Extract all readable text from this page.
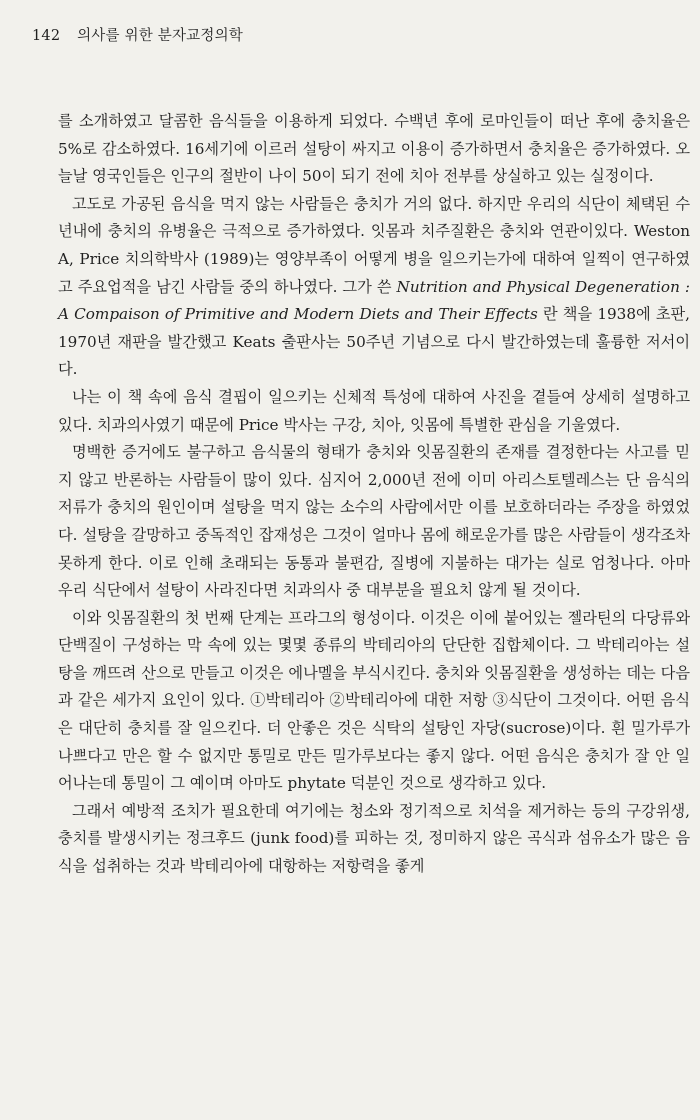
142 의사를 위한 분자교정의학

를 소개하였고 달콤한 음식들을 이용하게 되었다. 수백년 후에 로마인들이 떠난 후에 충치율은 5%로 감소하였다. 16세기에 이르러 설탕이 싸지고 이용이 증가하면서 충치율은 증가하였다. 오늘날 영국인들은 인구의 절반이 나이 50이 되기 전에 치아 전부를 상실하고 있는 실정이다.

고도로 가공된 음식을 먹지 않는 사람들은 충치가 거의 없다. 하지만 우리의 식단이 체택된 수년내에 충치의 유병율은 극적으로 증가하였다. 잇몸과 치주질환은 충치와 연관이있다. Weston A, Price 치의학박사 (1989)는 영양부족이 어떻게 병을 일으키는가에 대하여 일찍이 연구하였고 주요업적을 남긴 사람들 중의 하나였다. 그가 쓴 Nutrition and Physical Degeneration : A Compaison of Primitive and Modern Diets and Their Effects 란 책을 1938에 초판, 1970년 재판을 발간했고 Keats 출판사는 50주년 기념으로 다시 발간하였는데 훌륭한 저서이다.

나는 이 책 속에 음식 결핍이 일으키는 신체적 특성에 대하여 사진을 곁들여 상세히 설명하고 있다. 치과의사였기 때문에 Price 박사는 구강, 치아, 잇몸에 특별한 관심을 기울였다.

명백한 증거에도 불구하고 음식물의 형태가 충치와 잇몸질환의 존재를 결정한다는 사고를 믿지 않고 반론하는 사람들이 많이 있다. 심지어 2,000년 전에 이미 아리스토텔레스는 단 음식의 저류가 충치의 원인이며 설탕을 먹지 않는 소수의 사람에서만 이를 보호하더라는 주장을 하였었다. 설탕을 갈망하고 중독적인 잡재성은 그것이 얼마나 몸에 해로운가를 많은 사람들이 생각조차 못하게 한다. 이로 인해 초래되는 동통과 불편감, 질병에 지불하는 대가는 실로 엄청나다. 아마 우리 식단에서 설탕이 사라진다면 치과의사 중 대부분을 필요치 않게 될 것이다.

이와 잇몸질환의 첫 번째 단계는 프라그의 형성이다. 이것은 이에 붙어있는 젤라틴의 다당류와 단백질이 구성하는 막 속에 있는 몇몇 종류의 박테리아의 단단한 집합체이다. 그 박테리아는 설탕을 깨뜨려 산으로 만들고 이것은 에나멜을 부식시킨다. 충치와 잇몸질환을 생성하는 데는 다음과 같은 세가지 요인이 있다. ①박테리아 ②박테리아에 대한 저항 ③식단이 그것이다. 어떤 음식은 대단히 충치를 잘 일으킨다. 더 안좋은 것은 식탁의 설탕인 자당(sucrose)이다. 흰 밀가루가 나쁘다고 만은 할 수 없지만 통밀로 만든 밀가루보다는 좋지 않다. 어떤 음식은 충치가 잘 안 일어나는데 통밀이 그 예이며 아마도 phytate 덕분인 것으로 생각하고 있다.

그래서 예방적 조치가 필요한데 여기에는 청소와 정기적으로 치석을 제거하는 등의 구강위생, 충치를 발생시키는 정크후드 (junk food)를 피하는 것, 정미하지 않은 곡식과 섬유소가 많은 음식을 섭취하는 것과 박테리아에 대항하는 저항력을 좋게
